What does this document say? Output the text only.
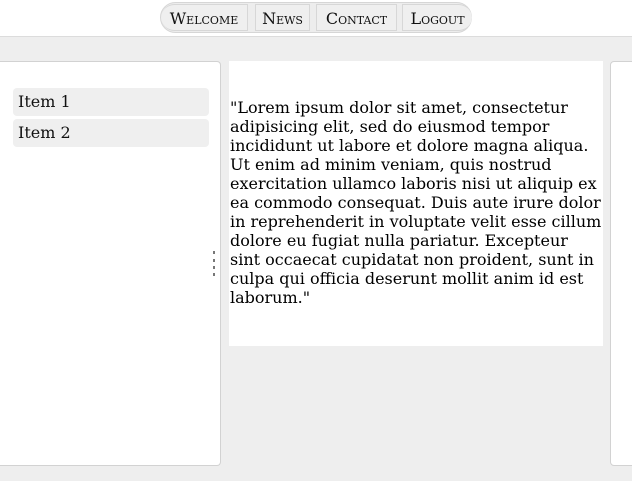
Welcome	News	Contact	Logout
Item 1
Item 2

"Lorem ipsum dolor sit amet, consectetur adipisicing elit, sed do eiusmod tempor incididunt ut labore et dolore magna aliqua. Ut enim ad minim veniam, quis nostrud exercitation ullamco laboris nisi ut aliquip ex ea commodo consequat. Duis aute irure dolor in reprehenderit in voluptate velit esse cillum dolore eu fugiat nulla pariatur. Excepteur sint occaecat cupidatat non proident, sunt in culpa qui officia deserunt mollit anim id est laborum."
